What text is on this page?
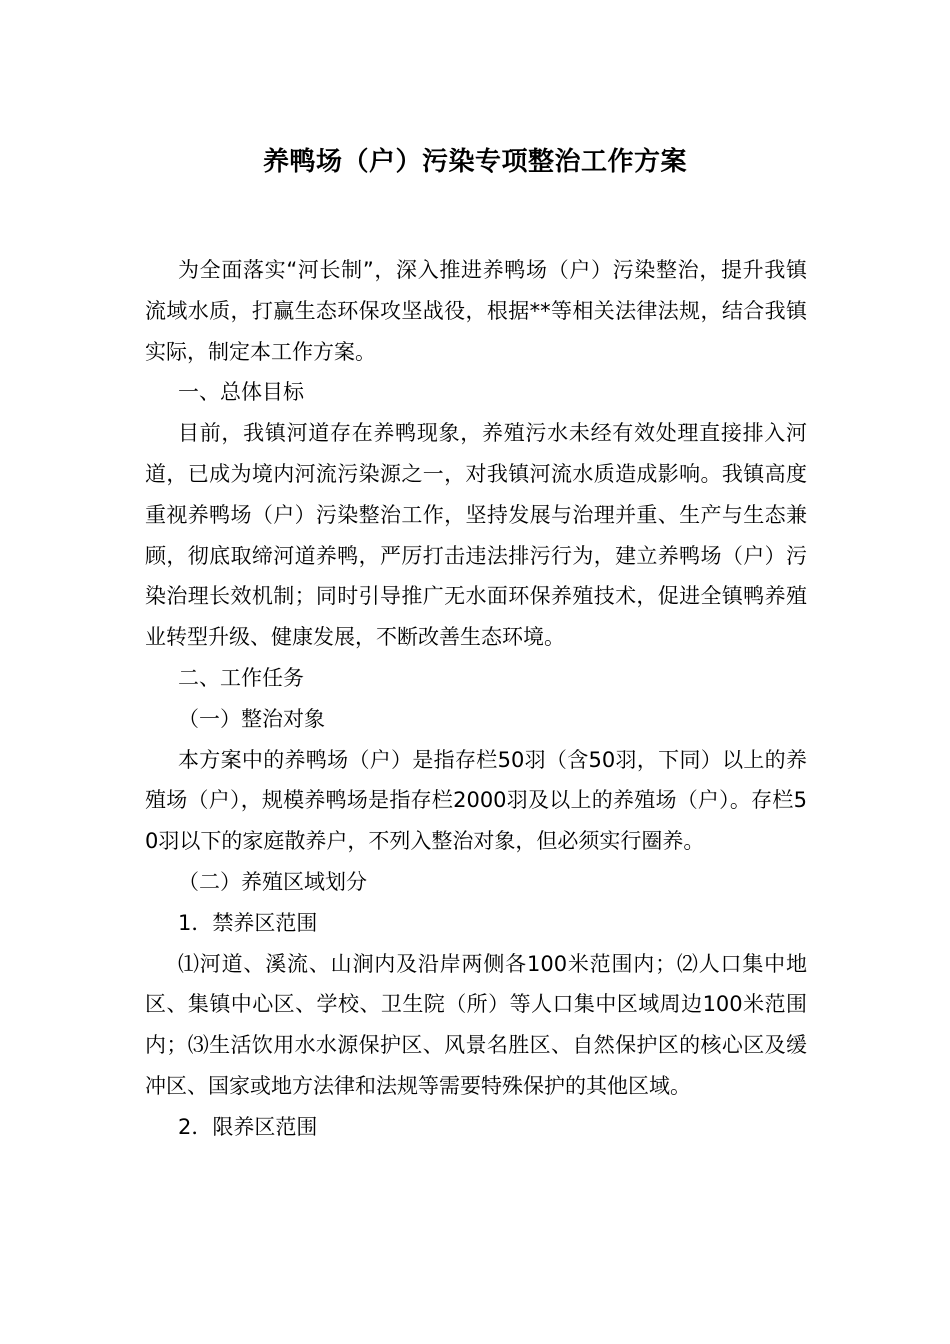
养鸭场（户）污染专项整治工作方案

为全面落实“河长制”，深入推进养鸭场（户）污染整治，提升我镇流域水质，打赢生态环保攻坚战役，根据**等相关法律法规，结合我镇实际，制定本工作方案。

一、总体目标

目前，我镇河道存在养鸭现象，养殖污水未经有效处理直接排入河道，已成为境内河流污染源之一，对我镇河流水质造成影响。我镇高度重视养鸭场（户）污染整治工作，坚持发展与治理并重、生产与生态兼顾，彻底取缔河道养鸭，严厉打击违法排污行为，建立养鸭场（户）污染治理长效机制；同时引导推广无水面环保养殖技术，促进全镇鸭养殖业转型升级、健康发展，不断改善生态环境。

二、工作任务

（一）整治对象

本方案中的养鸭场（户）是指存栏50羽（含50羽，下同）以上的养殖场（户），规模养鸭场是指存栏2000羽及以上的养殖场（户）。存栏50羽以下的家庭散养户，不列入整治对象，但必须实行圈养。

（二）养殖区域划分

1．禁养区范围

⑴河道、溪流、山涧内及沿岸两侧各100米范围内；⑵人口集中地区、集镇中心区、学校、卫生院（所）等人口集中区域周边100米范围内；⑶生活饮用水水源保护区、风景名胜区、自然保护区的核心区及缓冲区、国家或地方法律和法规等需要特殊保护的其他区域。

2．限养区范围
